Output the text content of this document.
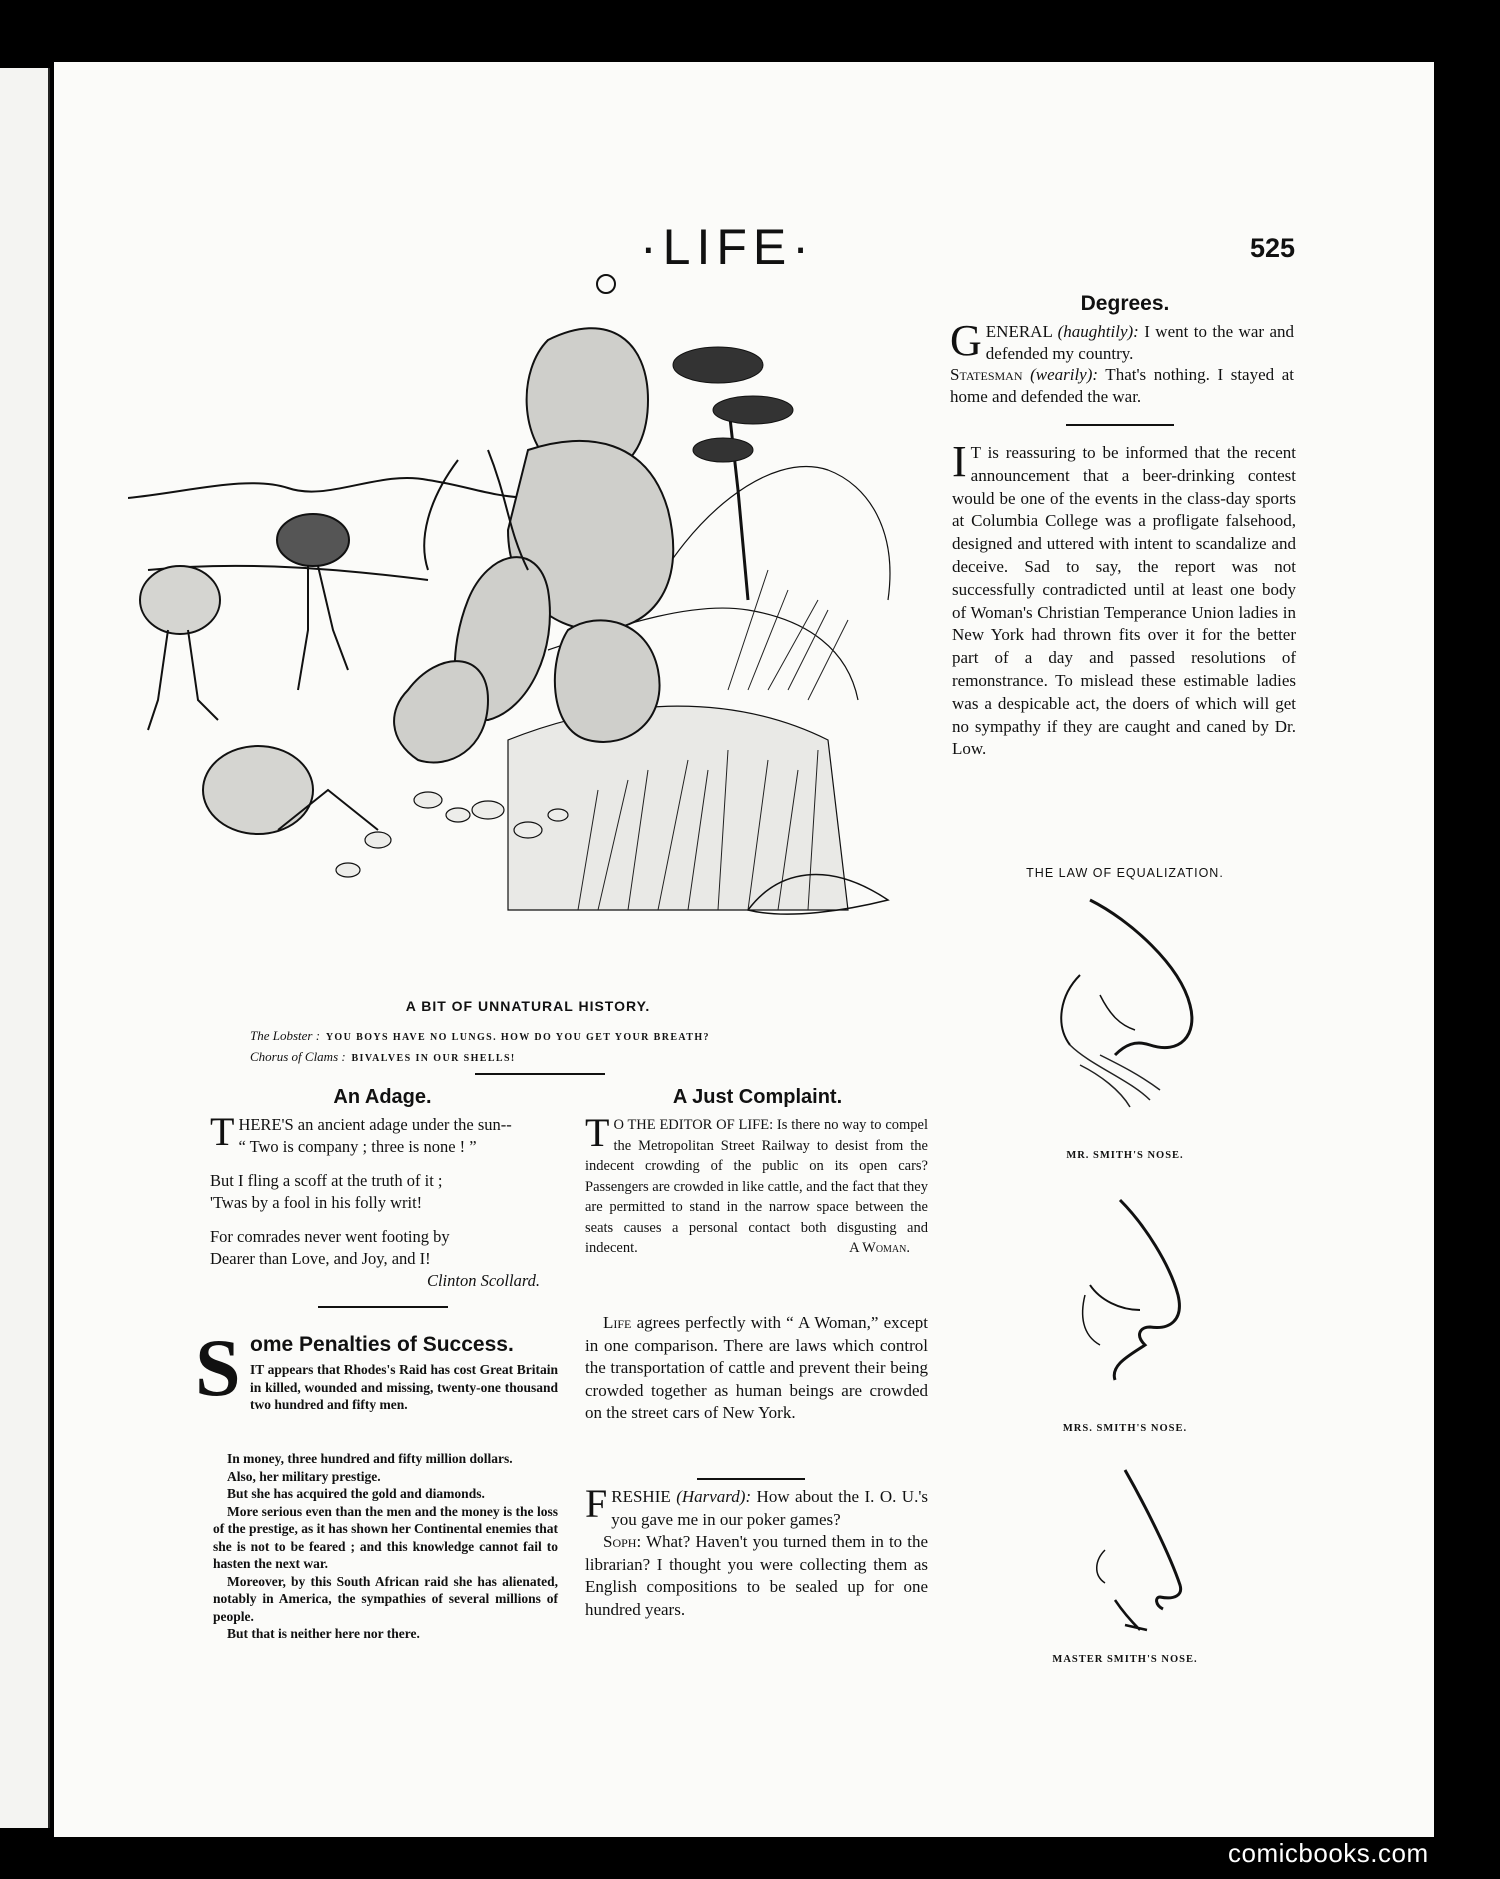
·LIFE·	525
A BIT OF UNNATURAL HISTORY.
The Lobster : YOU BOYS HAVE NO LUNGS. HOW DO YOU GET YOUR BREATH?
Chorus of Clams : BIVALVES IN OUR SHELLS!
Degrees.
GENERAL (haughtily): I went to the war and defended my country.
Statesman (wearily): That's nothing. I stayed at home and defended the war.
I T is reassuring to be informed that the recent announcement that a beer-drinking contest would be one of the events in the class-day sports at Columbia College was a profligate falsehood, designed and uttered with intent to scandalize and deceive. Sad to say, the report was not successfully contradicted until at least one body of Woman's Christian Temperance Union ladies in New York had thrown fits over it for the better part of a day and passed resolutions of remonstrance. To mislead these estimable ladies was a despicable act, the doers of which will get no sympathy if they are caught and caned by Dr. Low.
THE LAW OF EQUALIZATION.
MR. SMITH'S NOSE.
MRS. SMITH'S NOSE.
MASTER SMITH'S NOSE.
An Adage.
THERE'S an ancient adage under the sun--
“ Two is company ; three is none ! ”
But I fling a scoff at the truth of it ;
'Twas by a fool in his folly writ!
For comrades never went footing by
Dearer than Love, and Joy, and I!
Clinton Scollard.
S ome Penalties of Success.

IT appears that Rhodes's Raid has cost Great Britain in killed, wounded and missing, twenty-one thousand two hundred and fifty men.

In money, three hundred and fifty million dollars.

Also, her military prestige.

But she has acquired the gold and diamonds.

More serious even than the men and the money is the loss of the prestige, as it has shown her Continental enemies that she is not to be feared ; and this knowledge cannot fail to hasten the next war.

Moreover, by this South African raid she has alienated, notably in America, the sympathies of several millions of people.

But that is neither here nor there.

A Just Complaint.
T O THE EDITOR OF LIFE: Is there no way to compel the Metropolitan Street Railway to desist from the indecent crowding of the public on its open cars? Passengers are crowded in like cattle, and the fact that they are permitted to stand in the narrow space between the seats causes a personal contact both disgusting and indecent.	A Woman.

Life agrees perfectly with “ A Woman,” except in one comparison. There are laws which control the transportation of cattle and prevent their being crowded together as human beings are crowded on the street cars of New York.

FRESHIE (Harvard): How about the I. O. U.'s you gave me in our poker games?

Soph: What? Haven't you turned them in to the librarian? I thought you were collecting them as English compositions to be sealed up for one hundred years.

comicbooks.com
